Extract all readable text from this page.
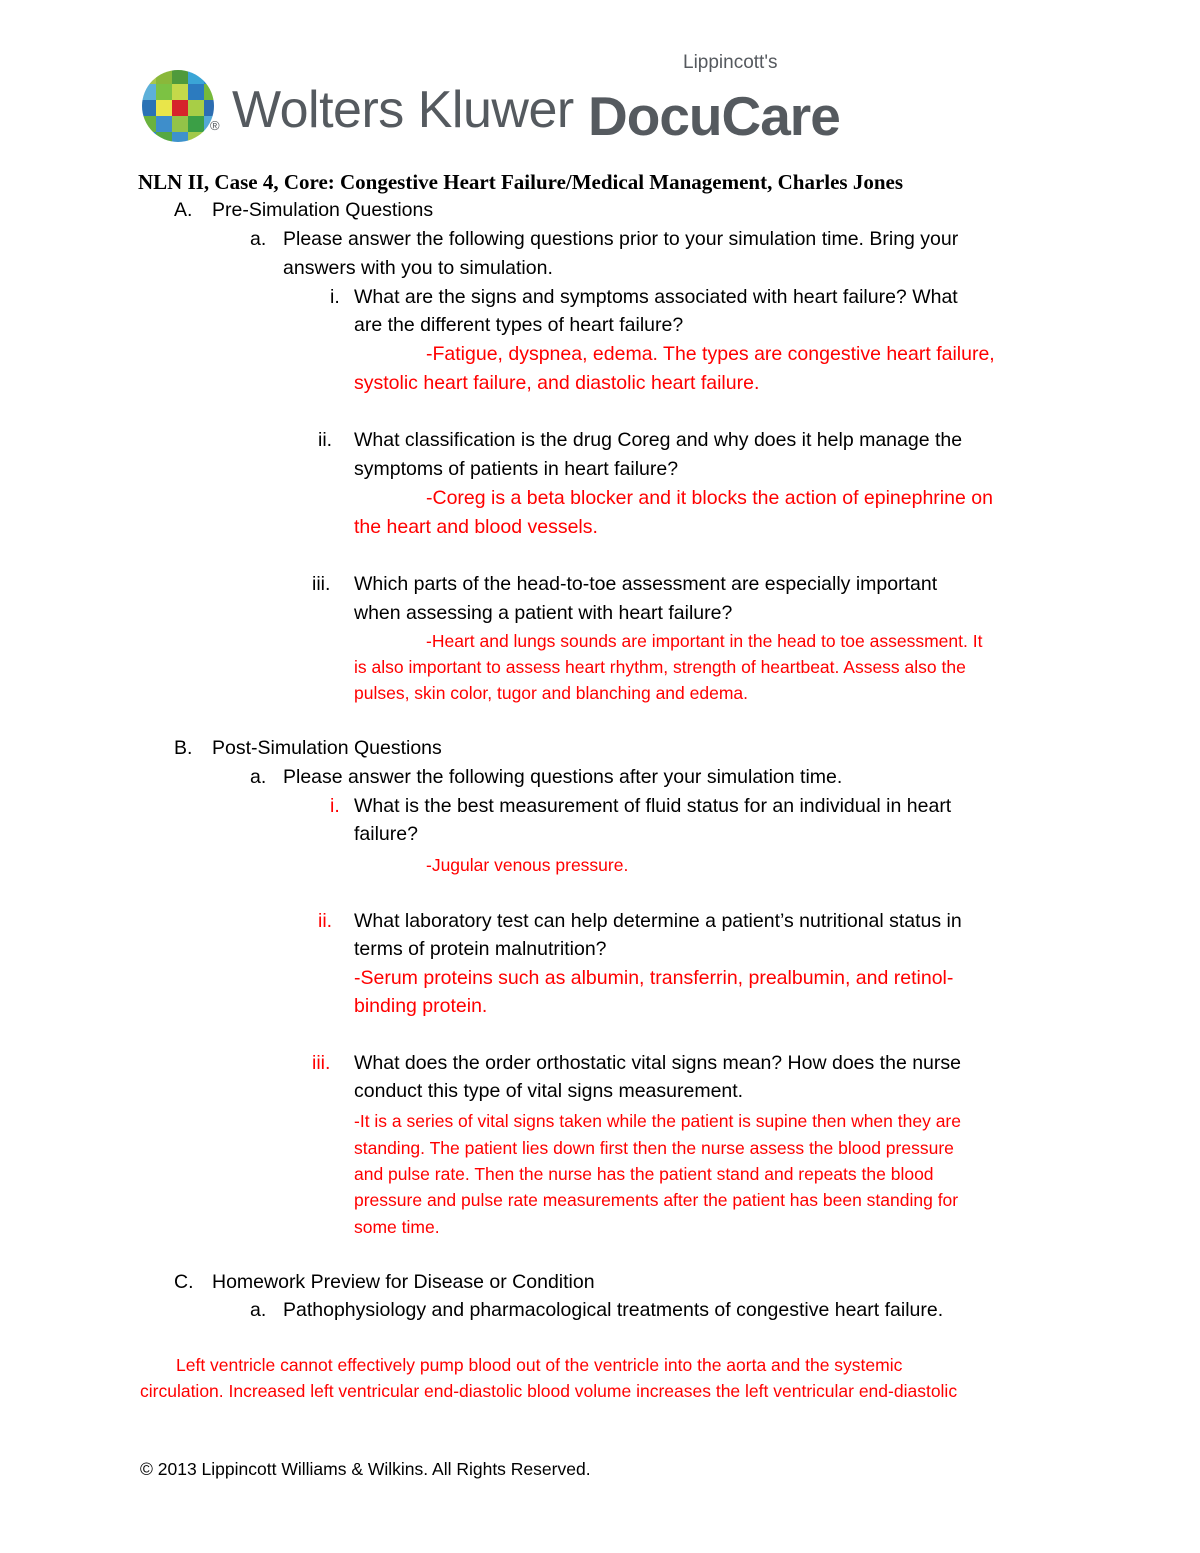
® Wolters Kluwer
Lippincott's
DocuCare
NLN II, Case 4, Core: Congestive Heart Failure/Medical Management, Charles Jones
A. Pre-Simulation Questions
a. Please answer the following questions prior to your simulation time. Bring your
answers with you to simulation.
i. What are the signs and symptoms associated with heart failure? What
are the different types of heart failure?
-Fatigue, dyspnea, edema. The types are congestive heart failure,
systolic heart failure, and diastolic heart failure.
ii. What classification is the drug Coreg and why does it help manage the
symptoms of patients in heart failure?
-Coreg is a beta blocker and it blocks the action of epinephrine on
the heart and blood vessels.
iii. Which parts of the head-to-toe assessment are especially important
when assessing a patient with heart failure?
-Heart and lungs sounds are important in the head to toe assessment. It
is also important to assess heart rhythm, strength of heartbeat. Assess also the
pulses, skin color, tugor and blanching and edema.
B. Post-Simulation Questions
a. Please answer the following questions after your simulation time.
i. What is the best measurement of fluid status for an individual in heart
failure?
-Jugular venous pressure.
ii. What laboratory test can help determine a patient’s nutritional status in
terms of protein malnutrition?
-Serum proteins such as albumin, transferrin, prealbumin, and retinol-
binding protein.
iii. What does the order orthostatic vital signs mean? How does the nurse
conduct this type of vital signs measurement.
-It is a series of vital signs taken while the patient is supine then when they are
standing. The patient lies down first then the nurse assess the blood pressure
and pulse rate. Then the nurse has the patient stand and repeats the blood
pressure and pulse rate measurements after the patient has been standing for
some time.
C. Homework Preview for Disease or Condition
a. Pathophysiology and pharmacological treatments of congestive heart failure.
Left ventricle cannot effectively pump blood out of the ventricle into the aorta and the systemic
circulation. Increased left ventricular end-diastolic blood volume increases the left ventricular end-diastolic
© 2013 Lippincott Williams & Wilkins. All Rights Reserved.
